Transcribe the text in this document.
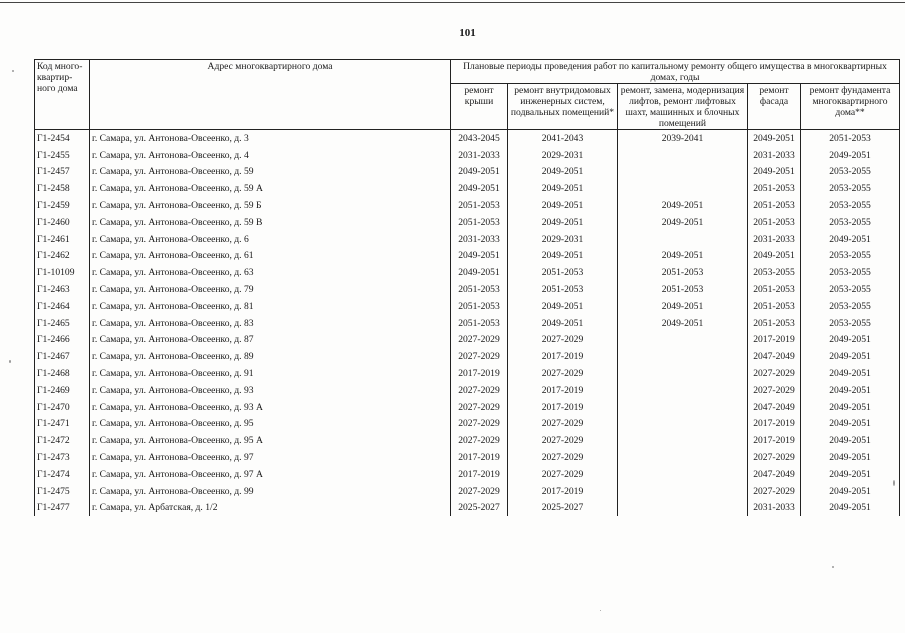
101
Код много-квартир-ного дома	Адрес многоквартирного дома	Плановые периоды проведения работ по капитальному ремонту общего имущества в многоквартирных домах, годы				
		ремонт крыши	ремонт внутридомовых инженерных систем, подвальных помещений*	ремонт, замена, модернизация лифтов, ремонт лифтовых шахт, машинных и блочных помещений	ремонт фасада	ремонт фундамента многоквартирного дома**
Г1-2454	г. Самара, ул. Антонова-Овсеенко, д. 3	2043-2045	2041-2043	2039-2041	2049-2051	2051-2053
Г1-2455	г. Самара, ул. Антонова-Овсеенко, д. 4	2031-2033	2029-2031		2031-2033	2049-2051
Г1-2457	г. Самара, ул. Антонова-Овсеенко, д. 59	2049-2051	2049-2051		2049-2051	2053-2055
Г1-2458	г. Самара, ул. Антонова-Овсеенко, д. 59 А	2049-2051	2049-2051		2051-2053	2053-2055
Г1-2459	г. Самара, ул. Антонова-Овсеенко, д. 59 Б	2051-2053	2049-2051	2049-2051	2051-2053	2053-2055
Г1-2460	г. Самара, ул. Антонова-Овсеенко, д. 59 В	2051-2053	2049-2051	2049-2051	2051-2053	2053-2055
Г1-2461	г. Самара, ул. Антонова-Овсеенко, д. 6	2031-2033	2029-2031		2031-2033	2049-2051
Г1-2462	г. Самара, ул. Антонова-Овсеенко, д. 61	2049-2051	2049-2051	2049-2051	2049-2051	2053-2055
Г1-10109	г. Самара, ул. Антонова-Овсеенко, д. 63	2049-2051	2051-2053	2051-2053	2053-2055	2053-2055
Г1-2463	г. Самара, ул. Антонова-Овсеенко, д. 79	2051-2053	2051-2053	2051-2053	2051-2053	2053-2055
Г1-2464	г. Самара, ул. Антонова-Овсеенко, д. 81	2051-2053	2049-2051	2049-2051	2051-2053	2053-2055
Г1-2465	г. Самара, ул. Антонова-Овсеенко, д. 83	2051-2053	2049-2051	2049-2051	2051-2053	2053-2055
Г1-2466	г. Самара, ул. Антонова-Овсеенко, д. 87	2027-2029	2027-2029		2017-2019	2049-2051
Г1-2467	г. Самара, ул. Антонова-Овсеенко, д. 89	2027-2029	2017-2019		2047-2049	2049-2051
Г1-2468	г. Самара, ул. Антонова-Овсеенко, д. 91	2017-2019	2027-2029		2027-2029	2049-2051
Г1-2469	г. Самара, ул. Антонова-Овсеенко, д. 93	2027-2029	2017-2019		2027-2029	2049-2051
Г1-2470	г. Самара, ул. Антонова-Овсеенко, д. 93 А	2027-2029	2017-2019		2047-2049	2049-2051
Г1-2471	г. Самара, ул. Антонова-Овсеенко, д. 95	2027-2029	2027-2029		2017-2019	2049-2051
Г1-2472	г. Самара, ул. Антонова-Овсеенко, д. 95 А	2027-2029	2027-2029		2017-2019	2049-2051
Г1-2473	г. Самара, ул. Антонова-Овсеенко, д. 97	2017-2019	2027-2029		2027-2029	2049-2051
Г1-2474	г. Самара, ул. Антонова-Овсеенко, д. 97 А	2017-2019	2027-2029		2047-2049	2049-2051
Г1-2475	г. Самара, ул. Антонова-Овсеенко, д. 99	2027-2029	2017-2019		2027-2029	2049-2051
Г1-2477	г. Самара, ул. Арбатская, д. 1/2	2025-2027	2025-2027		2031-2033	2049-2051
